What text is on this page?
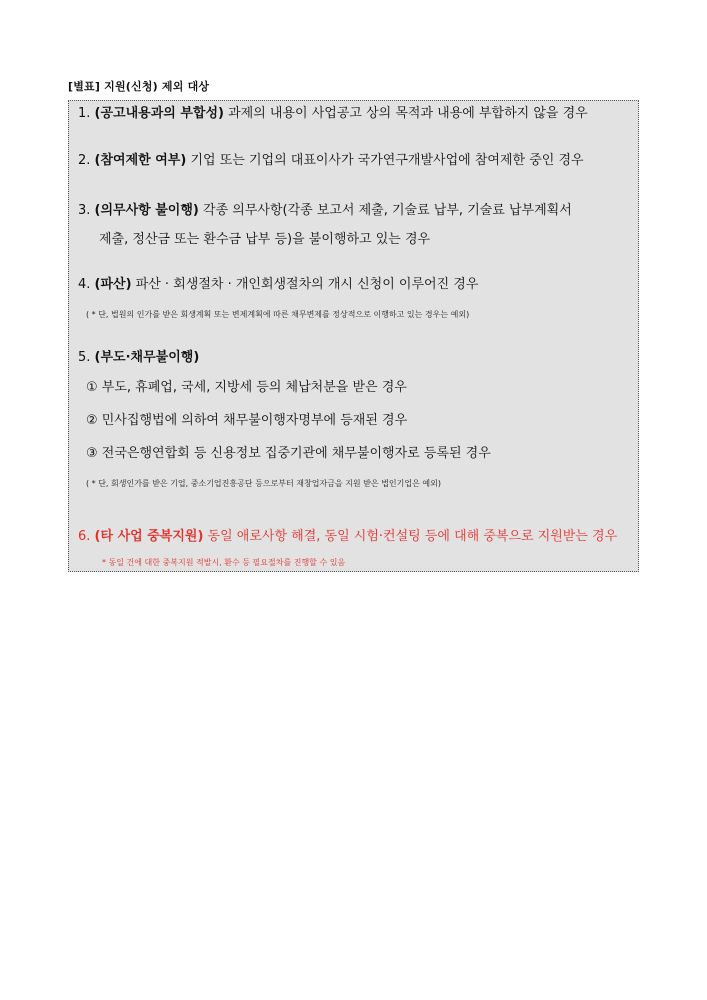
[별표] 지원(신청) 제외 대상
1. (공고내용과의 부합성) 과제의 내용이 사업공고 상의 목적과 내용에 부합하지 않을 경우
2. (참여제한 여부) 기업 또는 기업의 대표이사가 국가연구개발사업에 참여제한 중인 경우
3. (의무사항 불이행) 각종 의무사항(각종 보고서 제출, 기술료 납부, 기술료 납부계획서
제출, 정산금 또는 환수금 납부 등)을 불이행하고 있는 경우
4. (파산) 파산 · 회생절차 · 개인회생절차의 개시 신청이 이루어진 경우
( * 단, 법원의 인가를 받은 회생계획 또는 변제계획에 따른 채무변제를 정상적으로 이행하고 있는 경우는 예외)
5. (부도·채무불이행)
① 부도, 휴폐업, 국세, 지방세 등의 체납처분을 받은 경우
② 민사집행법에 의하여 채무불이행자명부에 등재된 경우
③ 전국은행연합회 등 신용정보 집중기관에 채무불이행자로 등록된 경우
( * 단, 회생인가를 받은 기업, 중소기업진흥공단 등으로부터 재창업자금을 지원 받은 법인기업은 예외)
6. (타 사업 중복지원) 동일 애로사항 해결, 동일 시험·컨설팅 등에 대해 중복으로 지원받는 경우
* 동일 건에 대한 중복지원 적발시, 환수 등 필요절차를 진행할 수 있음
